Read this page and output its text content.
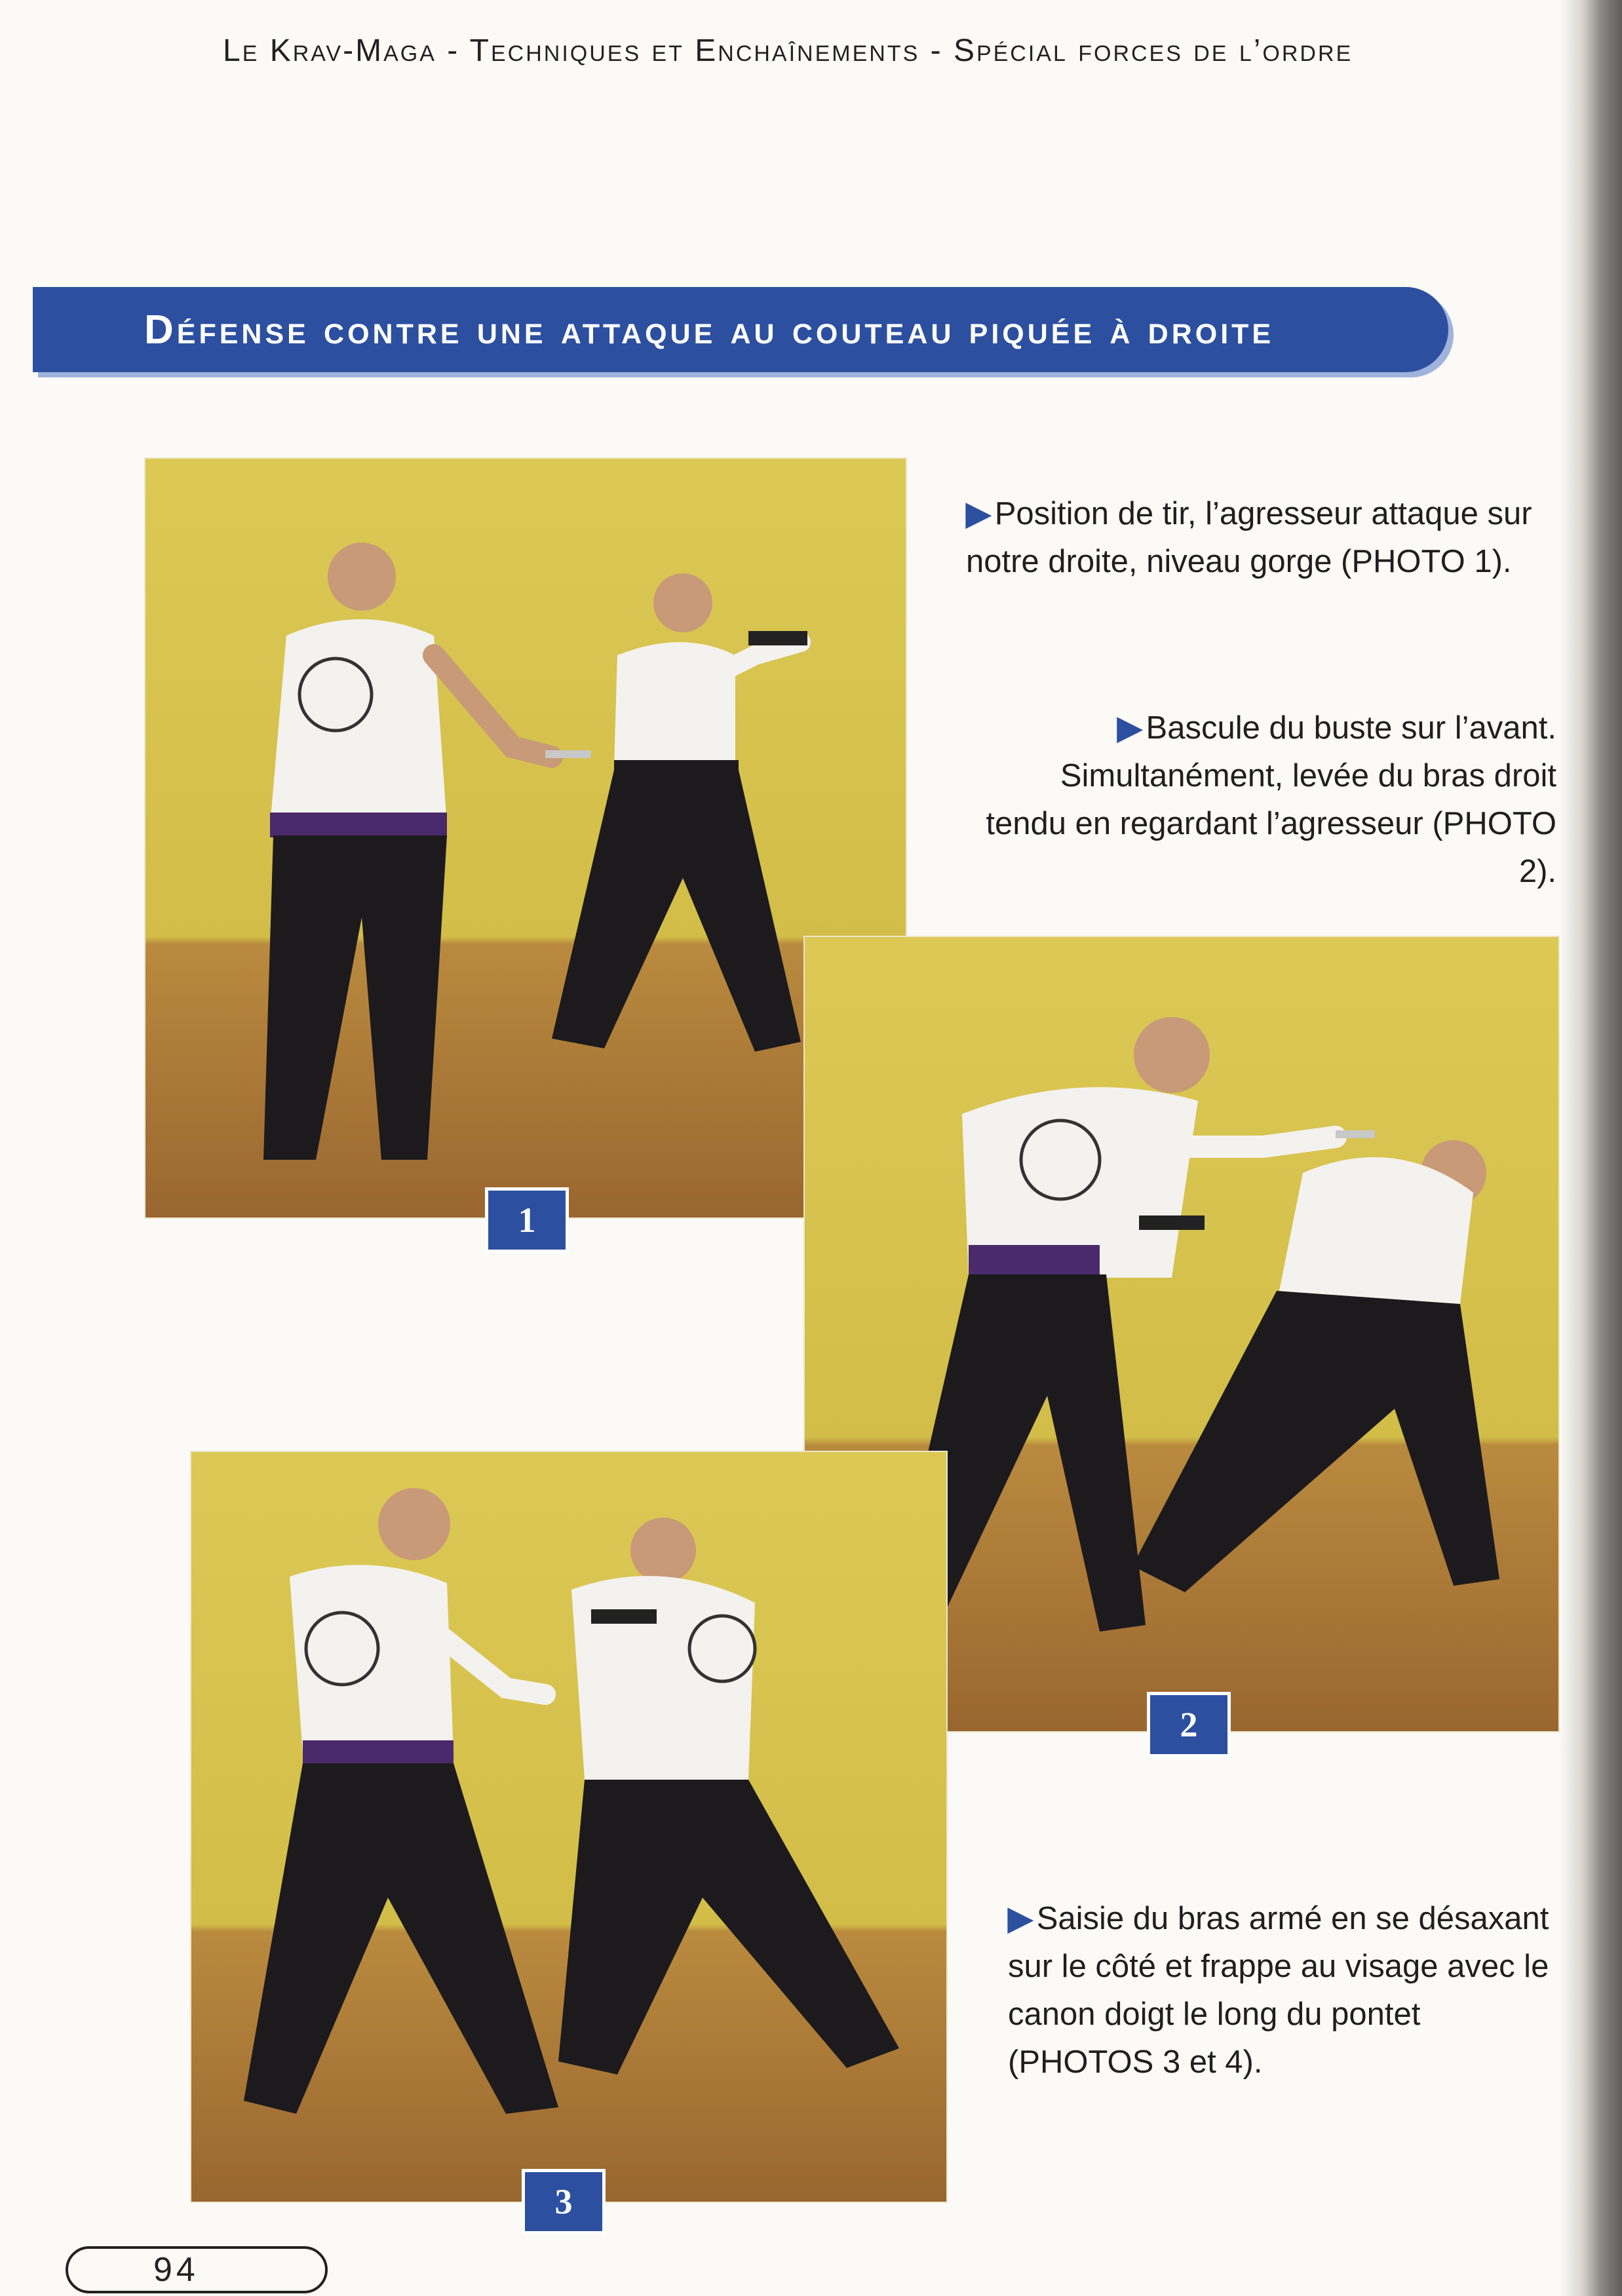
Le Krav-Maga - Techniques et Enchaînements - Spécial forces de l’ordre
Défense contre une attaque au couteau piquée à droite
1
2
3
▶ Position de tir, l’agresseur attaque sur notre droite, niveau gorge (PHOTO 1).
▶ Bascule du buste sur l’avant. Simultanément, levée du bras droit tendu en regardant l’agresseur (PHOTO 2).
▶ Saisie du bras armé en se désaxant sur le côté et frappe au visage avec le canon doigt le long du pontet (PHOTOS 3 et 4).
94
